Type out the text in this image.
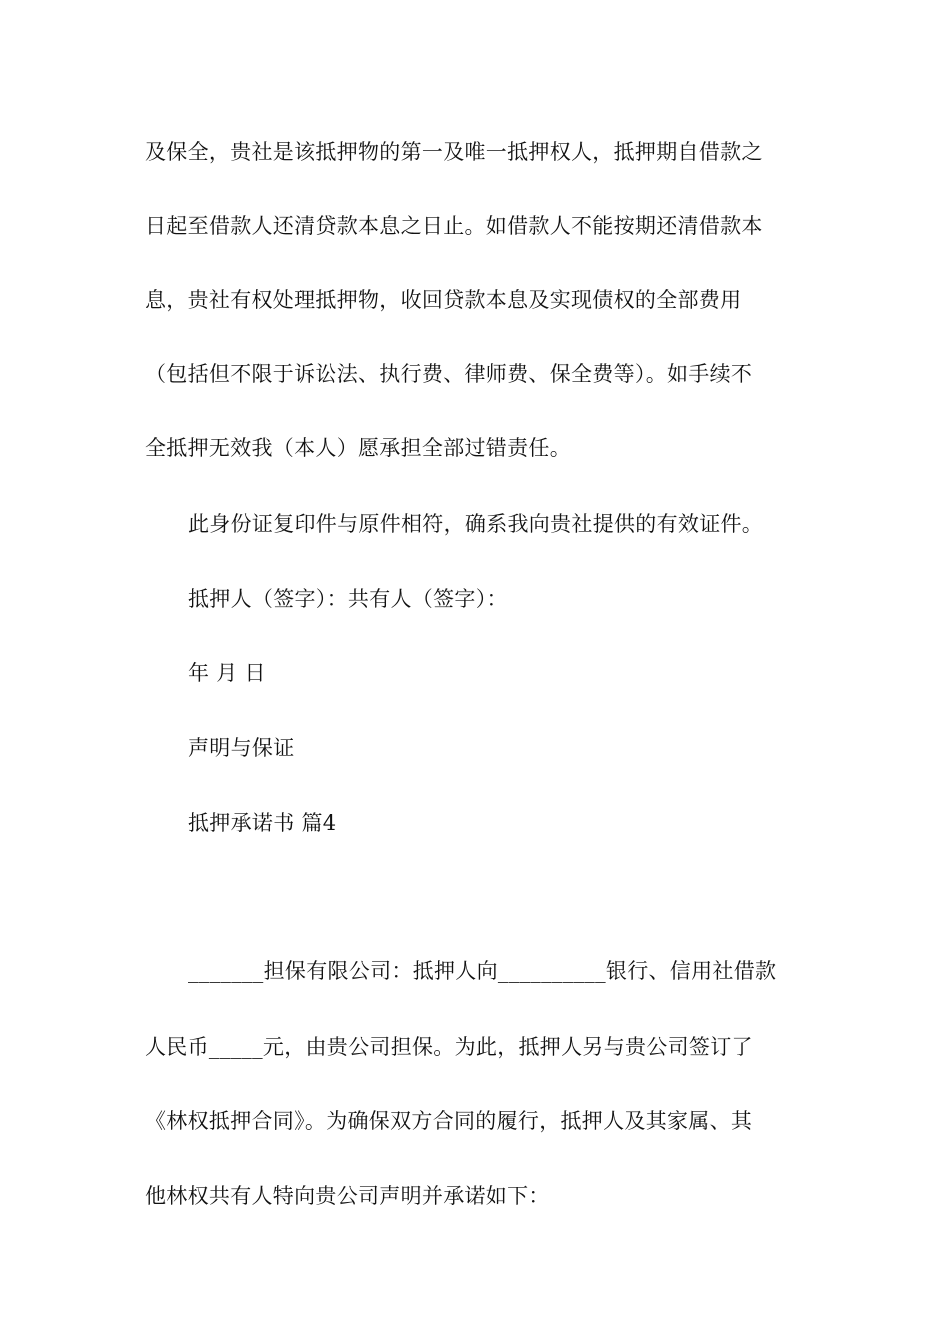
及保全，贵社是该抵押物的第一及唯一抵押权人，抵押期自借款之
日起至借款人还清贷款本息之日止。如借款人不能按期还清借款本
息，贵社有权处理抵押物，收回贷款本息及实现债权的全部费用
（包括但不限于诉讼法、执行费、律师费、保全费等）。如手续不
全抵押无效我（本人）愿承担全部过错责任。
此身份证复印件与原件相符，确系我向贵社提供的有效证件。
抵押人（签字）：共有人（签字）：
年 月 日
声明与保证
抵押承诺书 篇4
_______担保有限公司：抵押人向__________银行、信用社借款
人民币_____元，由贵公司担保。为此，抵押人另与贵公司签订了
《林权抵押合同》。为确保双方合同的履行，抵押人及其家属、其
他林权共有人特向贵公司声明并承诺如下：
